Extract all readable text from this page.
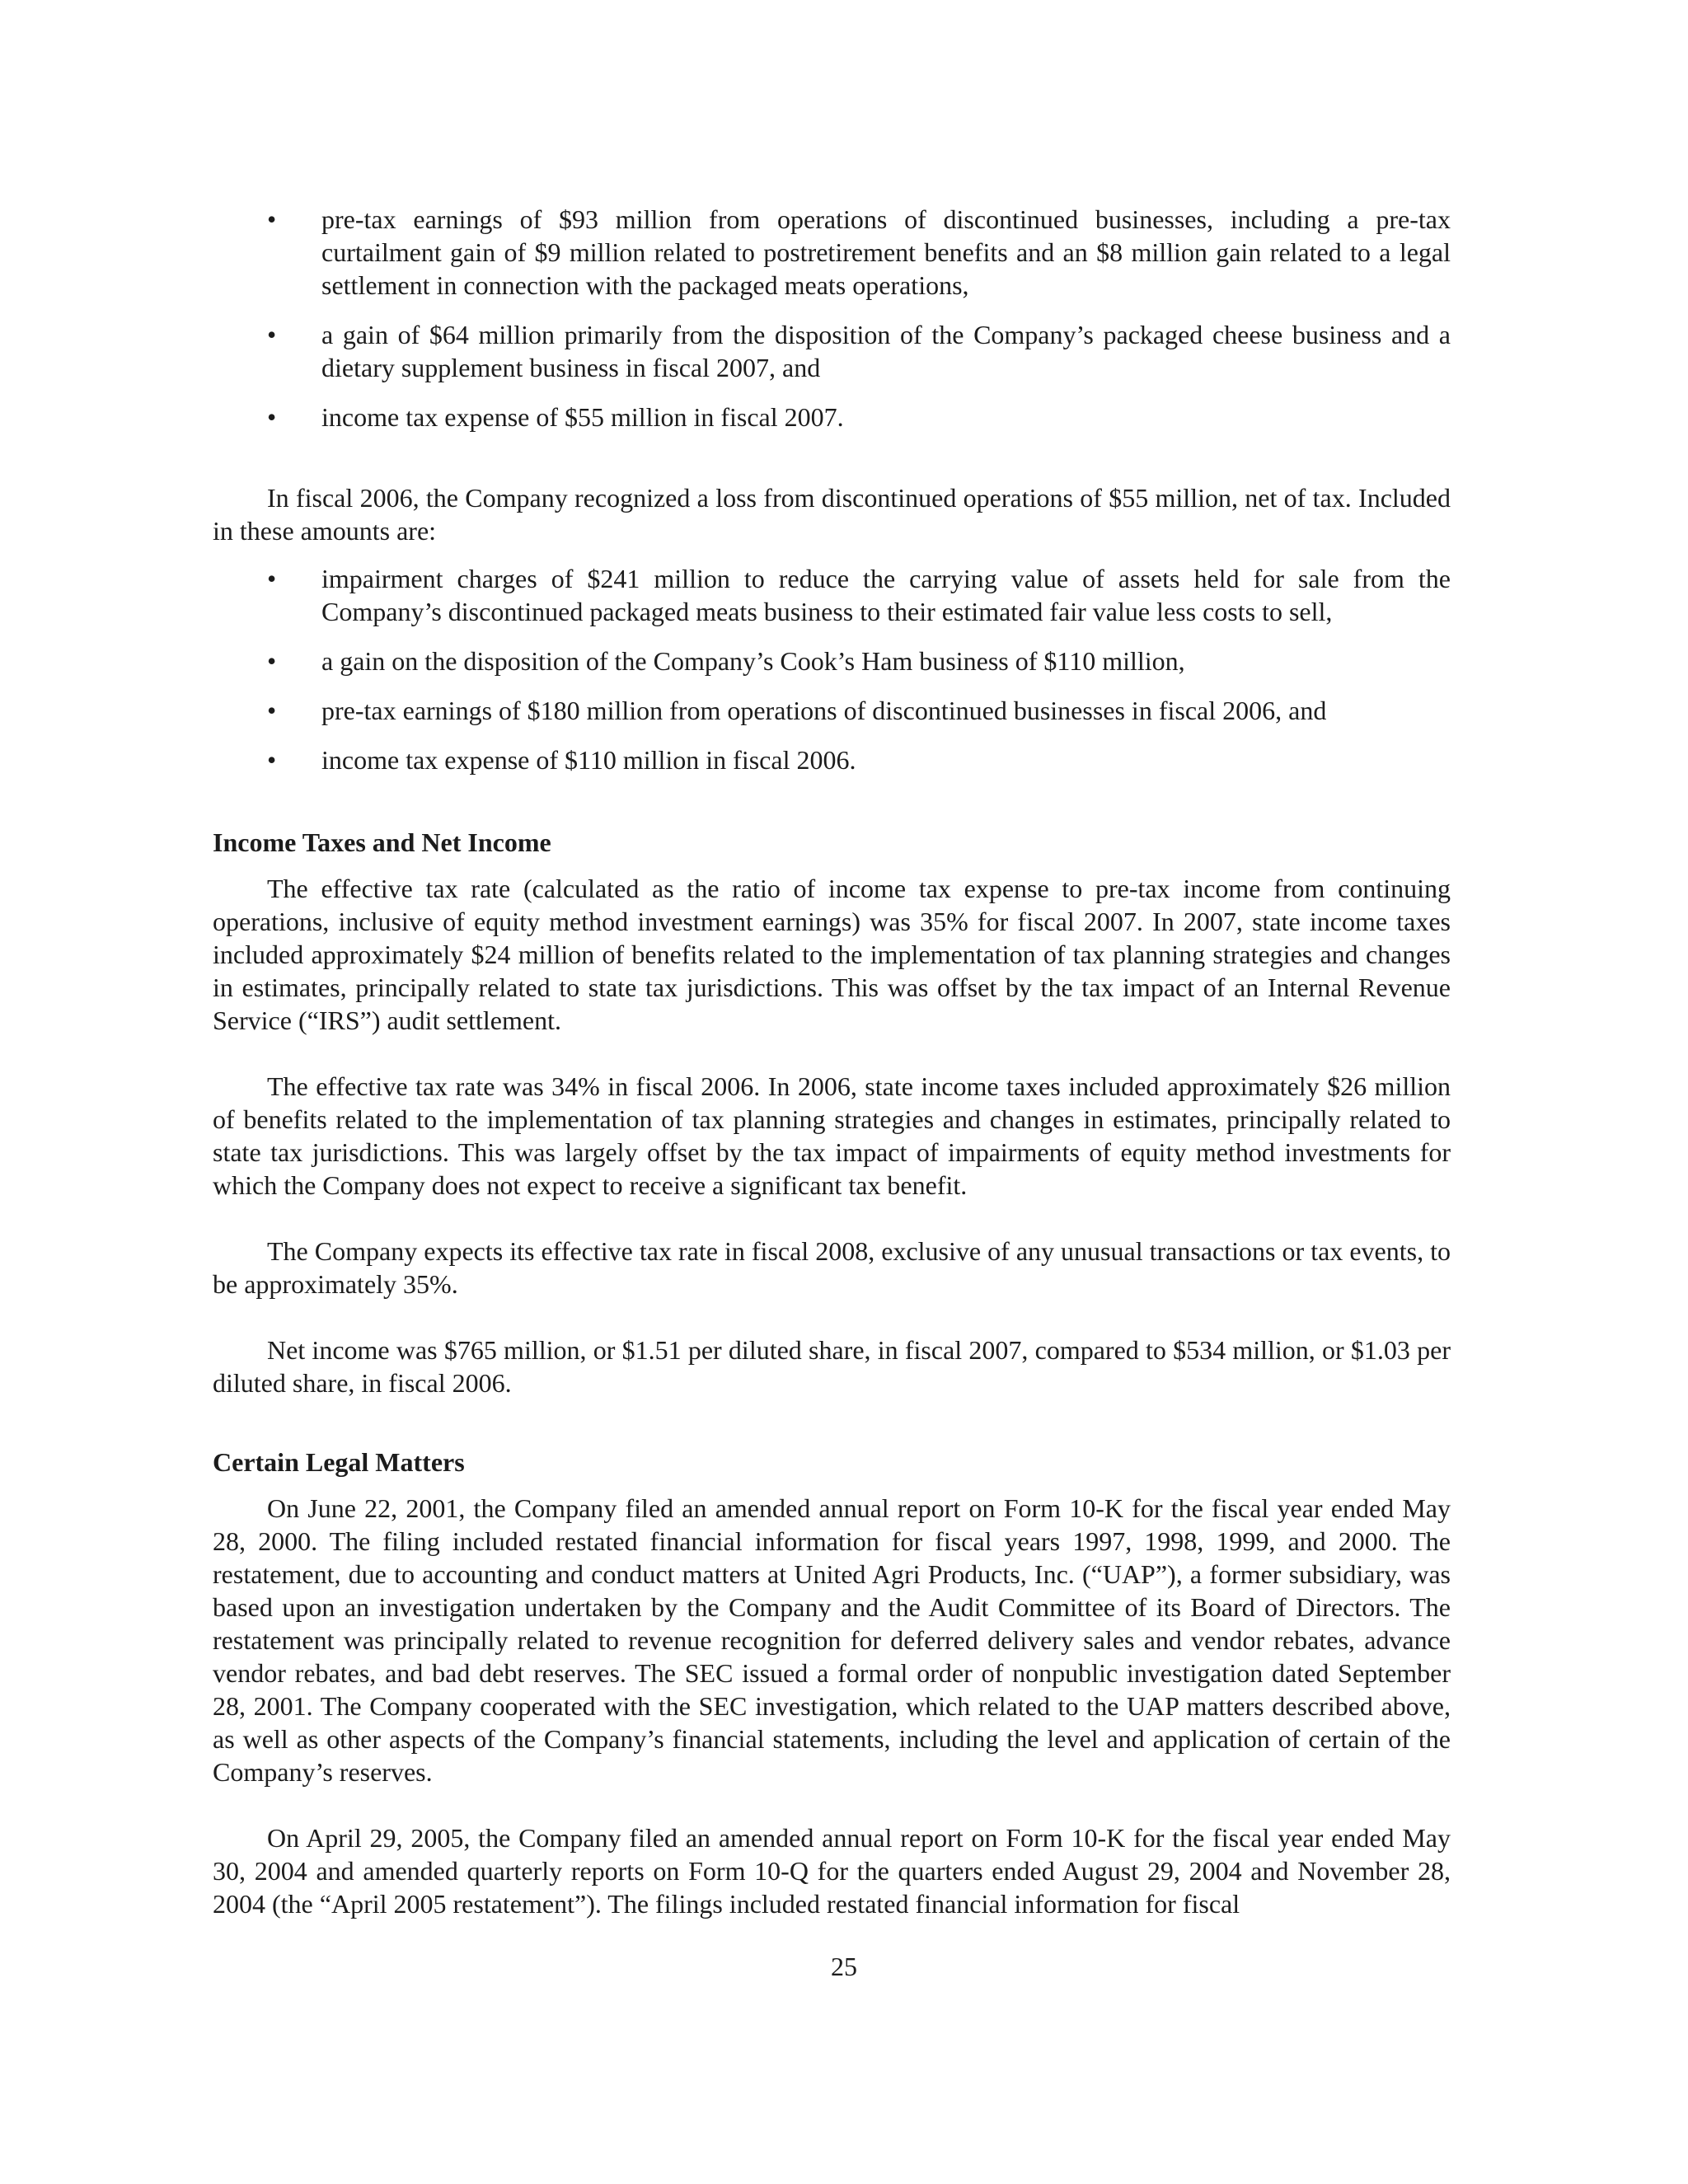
• pre-tax earnings of $93 million from operations of discontinued businesses, including a pre-tax curtailment gain of $9 million related to postretirement benefits and an $8 million gain related to a legal settlement in connection with the packaged meats operations,
• a gain of $64 million primarily from the disposition of the Company’s packaged cheese business and a dietary supplement business in fiscal 2007, and
• income tax expense of $55 million in fiscal 2007.

In fiscal 2006, the Company recognized a loss from discontinued operations of $55 million, net of tax. Included in these amounts are:

• impairment charges of $241 million to reduce the carrying value of assets held for sale from the Company’s discontinued packaged meats business to their estimated fair value less costs to sell,
• a gain on the disposition of the Company’s Cook’s Ham business of $110 million,
• pre-tax earnings of $180 million from operations of discontinued businesses in fiscal 2006, and
• income tax expense of $110 million in fiscal 2006.
Income Taxes and Net Income

The effective tax rate (calculated as the ratio of income tax expense to pre-tax income from continuing operations, inclusive of equity method investment earnings) was 35% for fiscal 2007. In 2007, state income taxes included approximately $24 million of benefits related to the implementation of tax planning strategies and changes in estimates, principally related to state tax jurisdictions. This was offset by the tax impact of an Internal Revenue Service (“IRS”) audit settlement.

The effective tax rate was 34% in fiscal 2006. In 2006, state income taxes included approximately $26 million of benefits related to the implementation of tax planning strategies and changes in estimates, principally related to state tax jurisdictions. This was largely offset by the tax impact of impairments of equity method investments for which the Company does not expect to receive a significant tax benefit.

The Company expects its effective tax rate in fiscal 2008, exclusive of any unusual transactions or tax events, to be approximately 35%.

Net income was $765 million, or $1.51 per diluted share, in fiscal 2007, compared to $534 million, or $1.03 per diluted share, in fiscal 2006.

Certain Legal Matters

On June 22, 2001, the Company filed an amended annual report on Form 10-K for the fiscal year ended May 28, 2000. The filing included restated financial information for fiscal years 1997, 1998, 1999, and 2000. The restatement, due to accounting and conduct matters at United Agri Products, Inc. (“UAP”), a former subsidiary, was based upon an investigation undertaken by the Company and the Audit Committee of its Board of Directors. The restatement was principally related to revenue recognition for deferred delivery sales and vendor rebates, advance vendor rebates, and bad debt reserves. The SEC issued a formal order of nonpublic investigation dated September 28, 2001. The Company cooperated with the SEC investigation, which related to the UAP matters described above, as well as other aspects of the Company’s financial statements, including the level and application of certain of the Company’s reserves.

On April 29, 2005, the Company filed an amended annual report on Form 10-K for the fiscal year ended May 30, 2004 and amended quarterly reports on Form 10-Q for the quarters ended August 29, 2004 and November 28, 2004 (the “April 2005 restatement”). The filings included restated financial information for fiscal

25
